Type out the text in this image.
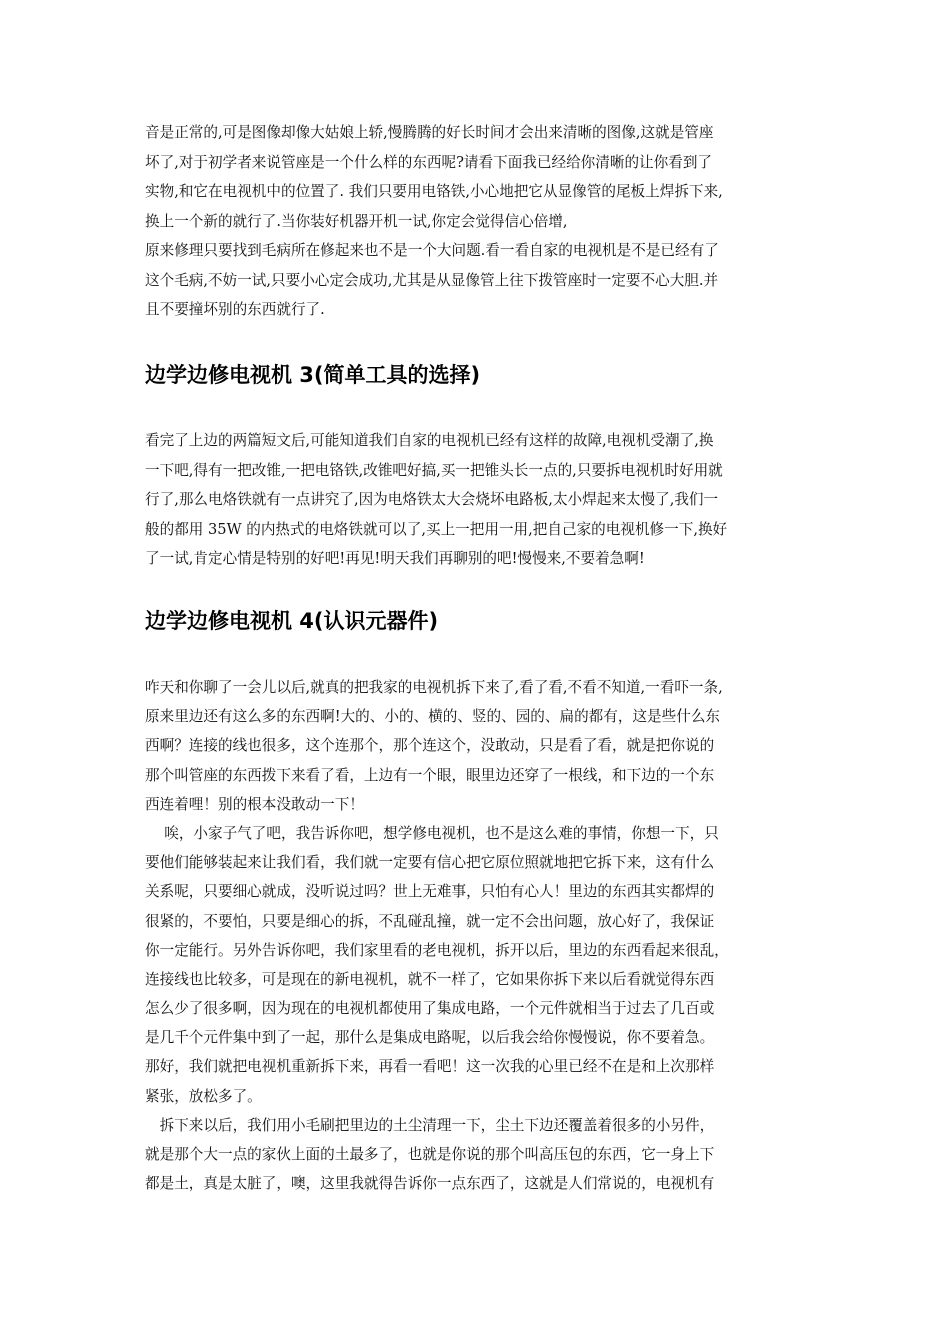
音是正常的,可是图像却像大姑娘上轿,慢腾腾的好长时间才会出来清晰的图像,这就是管座
坏了,对于初学者来说管座是一个什么样的东西呢?请看下面我已经给你清晰的让你看到了
实物,和它在电视机中的位置了. 我们只要用电铬铁,小心地把它从显像管的尾板上焊拆下来,
换上一个新的就行了.当你装好机器开机一试,你定会觉得信心倍增,
原来修理只要找到毛病所在修起来也不是一个大问题.看一看自家的电视机是不是已经有了
这个毛病,不妨一试,只要小心定会成功,尤其是从显像管上往下拨管座时一定要不心大胆.并
且不要撞坏别的东西就行了.
边学边修电视机 3(简单工具的选择)
看完了上边的两篇短文后,可能知道我们自家的电视机已经有这样的故障,电视机受潮了,换
一下吧,得有一把改锥,一把电铬铁,改锥吧好搞,买一把锥头长一点的,只要拆电视机时好用就
行了,那么电烙铁就有一点讲究了,因为电烙铁太大会烧坏电路板,太小焊起来太慢了,我们一
般的都用 35W 的内热式的电烙铁就可以了,买上一把用一用,把自己家的电视机修一下,换好
了一试,肯定心情是特别的好吧!再见!明天我们再聊别的吧!慢慢来,不要着急啊!
边学边修电视机 4(认识元器件)
咋天和你聊了一会儿以后,就真的把我家的电视机拆下来了,看了看,不看不知道,一看吓一条,
原来里边还有这么多的东西啊!大的、小的、横的、竖的、园的、扁的都有，这是些什么东
西啊？连接的线也很多，这个连那个，那个连这个，没敢动，只是看了看，就是把你说的
那个叫管座的东西拨下来看了看，上边有一个眼，眼里边还穿了一根线，和下边的一个东
西连着哩！别的根本没敢动一下！
　 唉，小家子气了吧，我告诉你吧，想学修电视机，也不是这么难的事情，你想一下，只
要他们能够装起来让我们看，我们就一定要有信心把它原位照就地把它拆下来，这有什么
关系呢，只要细心就成，没听说过吗？世上无难事，只怕有心人！里边的东西其实都焊的
很紧的，不要怕，只要是细心的拆，不乱碰乱撞，就一定不会出问题，放心好了，我保证
你一定能行。另外告诉你吧，我们家里看的老电视机，拆开以后，里边的东西看起来很乱，
连接线也比较多，可是现在的新电视机，就不一样了，它如果你拆下来以后看就觉得东西
怎么少了很多啊，因为现在的电视机都使用了集成电路，一个元件就相当于过去了几百或
是几千个元件集中到了一起，那什么是集成电路呢，以后我会给你慢慢说，你不要着急。
那好，我们就把电视机重新拆下来，再看一看吧！这一次我的心里已经不在是和上次那样
紧张，放松多了。
　拆下来以后，我们用小毛刷把里边的土尘清理一下，尘土下边还覆盖着很多的小另件，
就是那个大一点的家伙上面的土最多了，也就是你说的那个叫高压包的东西，它一身上下
都是土，真是太脏了，噢，这里我就得告诉你一点东西了，这就是人们常说的，电视机有
